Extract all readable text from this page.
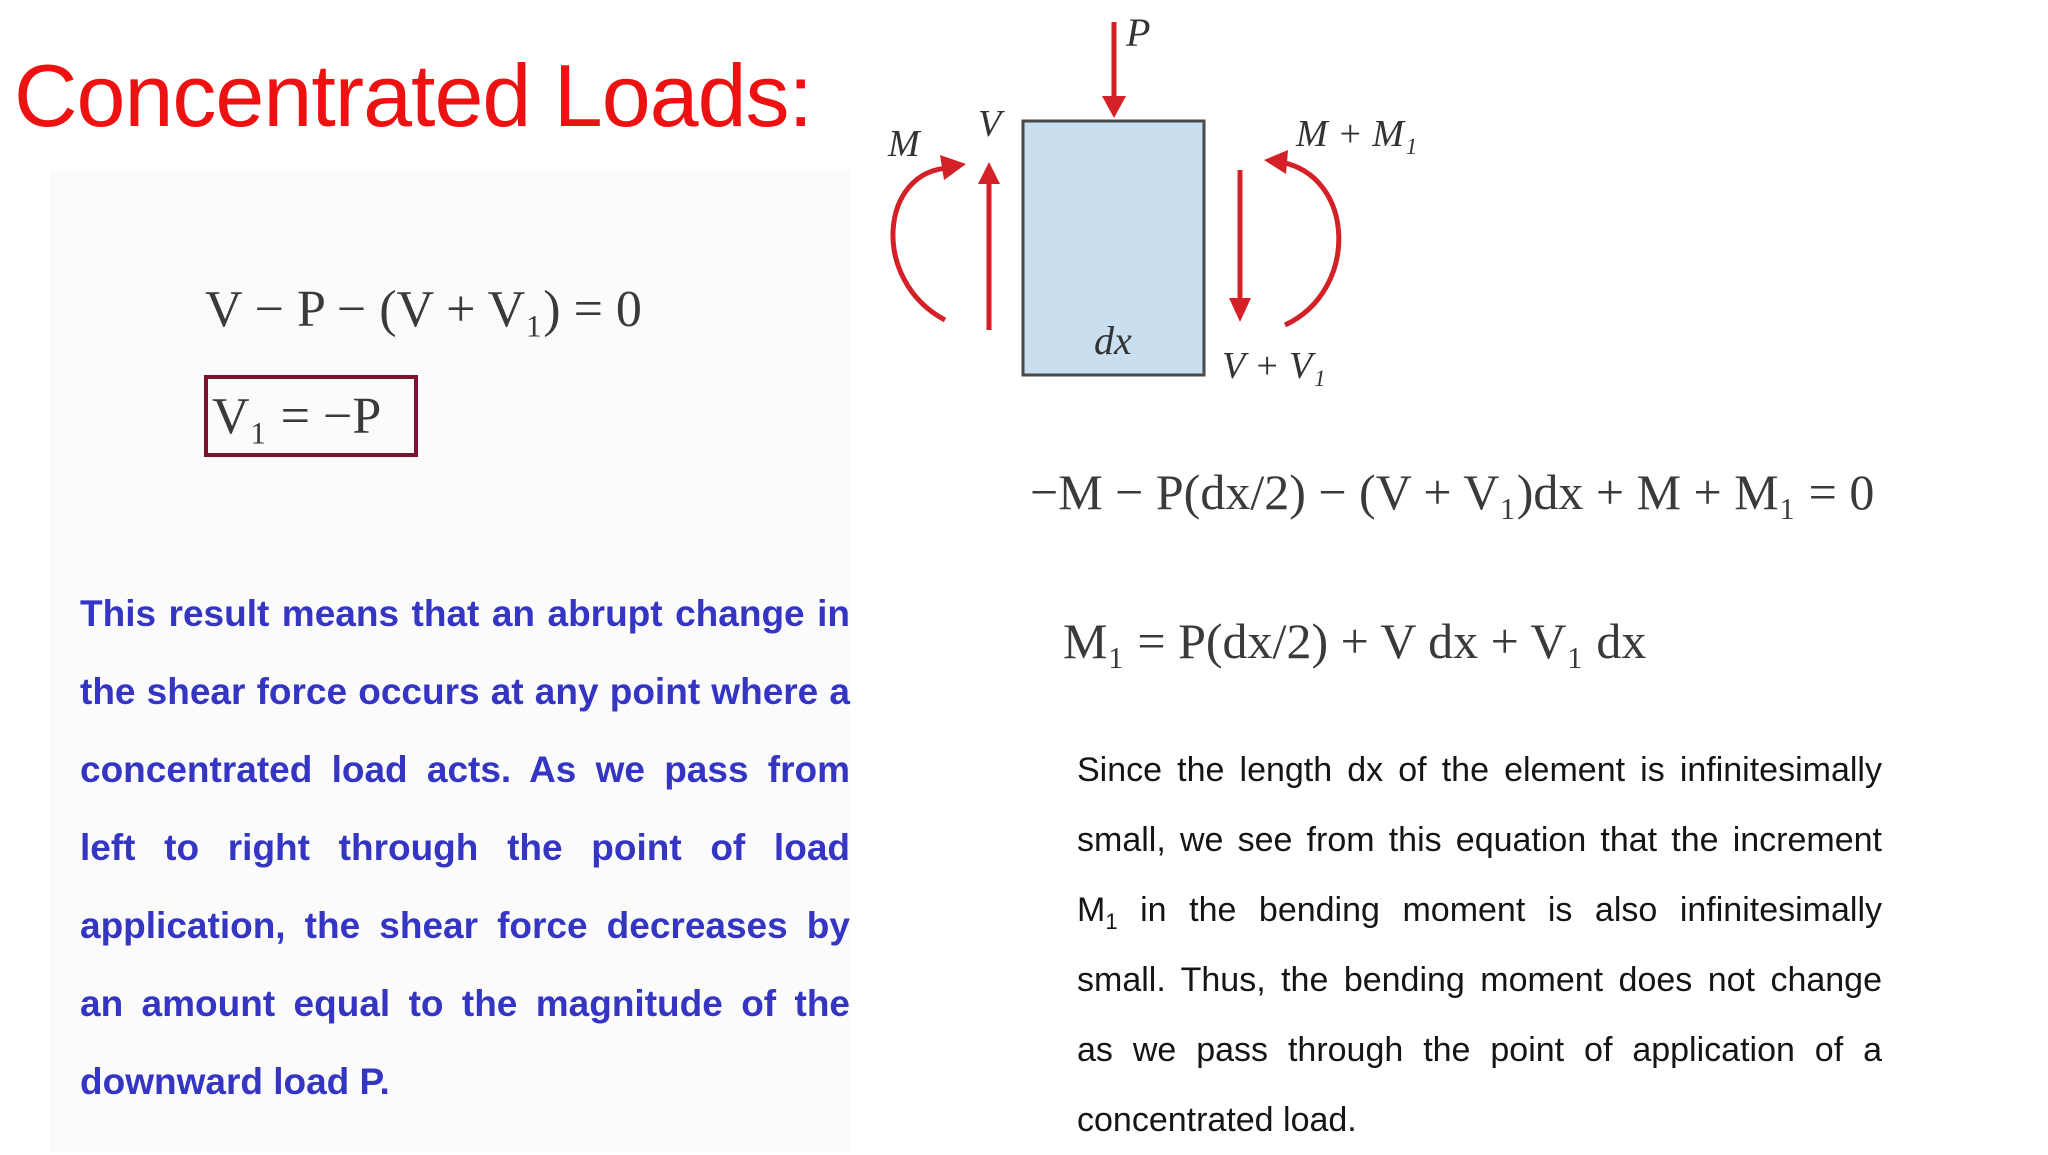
Concentrated Loads:
V − P − (V + V₁) = 0
V₁ = −P
dx
P
V
M
V + V₁
M + M₁
−M − P(dx/2) − (V + V₁)dx + M + M₁ = 0
M₁ = P(dx/2) + V dx + V₁ dx

This result means that an abrupt change in the shear force occurs at any point where a concentrated load acts. As we pass from left to right through the point of load application, the shear force decreases by an amount equal to the magnitude of the downward load P.

Since the length dx of the element is infinitesimally small, we see from this equation that the increment $M_1$ in the bending moment is also infinitesimally small. Thus, the bending moment does not change as we pass through the point of application of a concentrated load.
